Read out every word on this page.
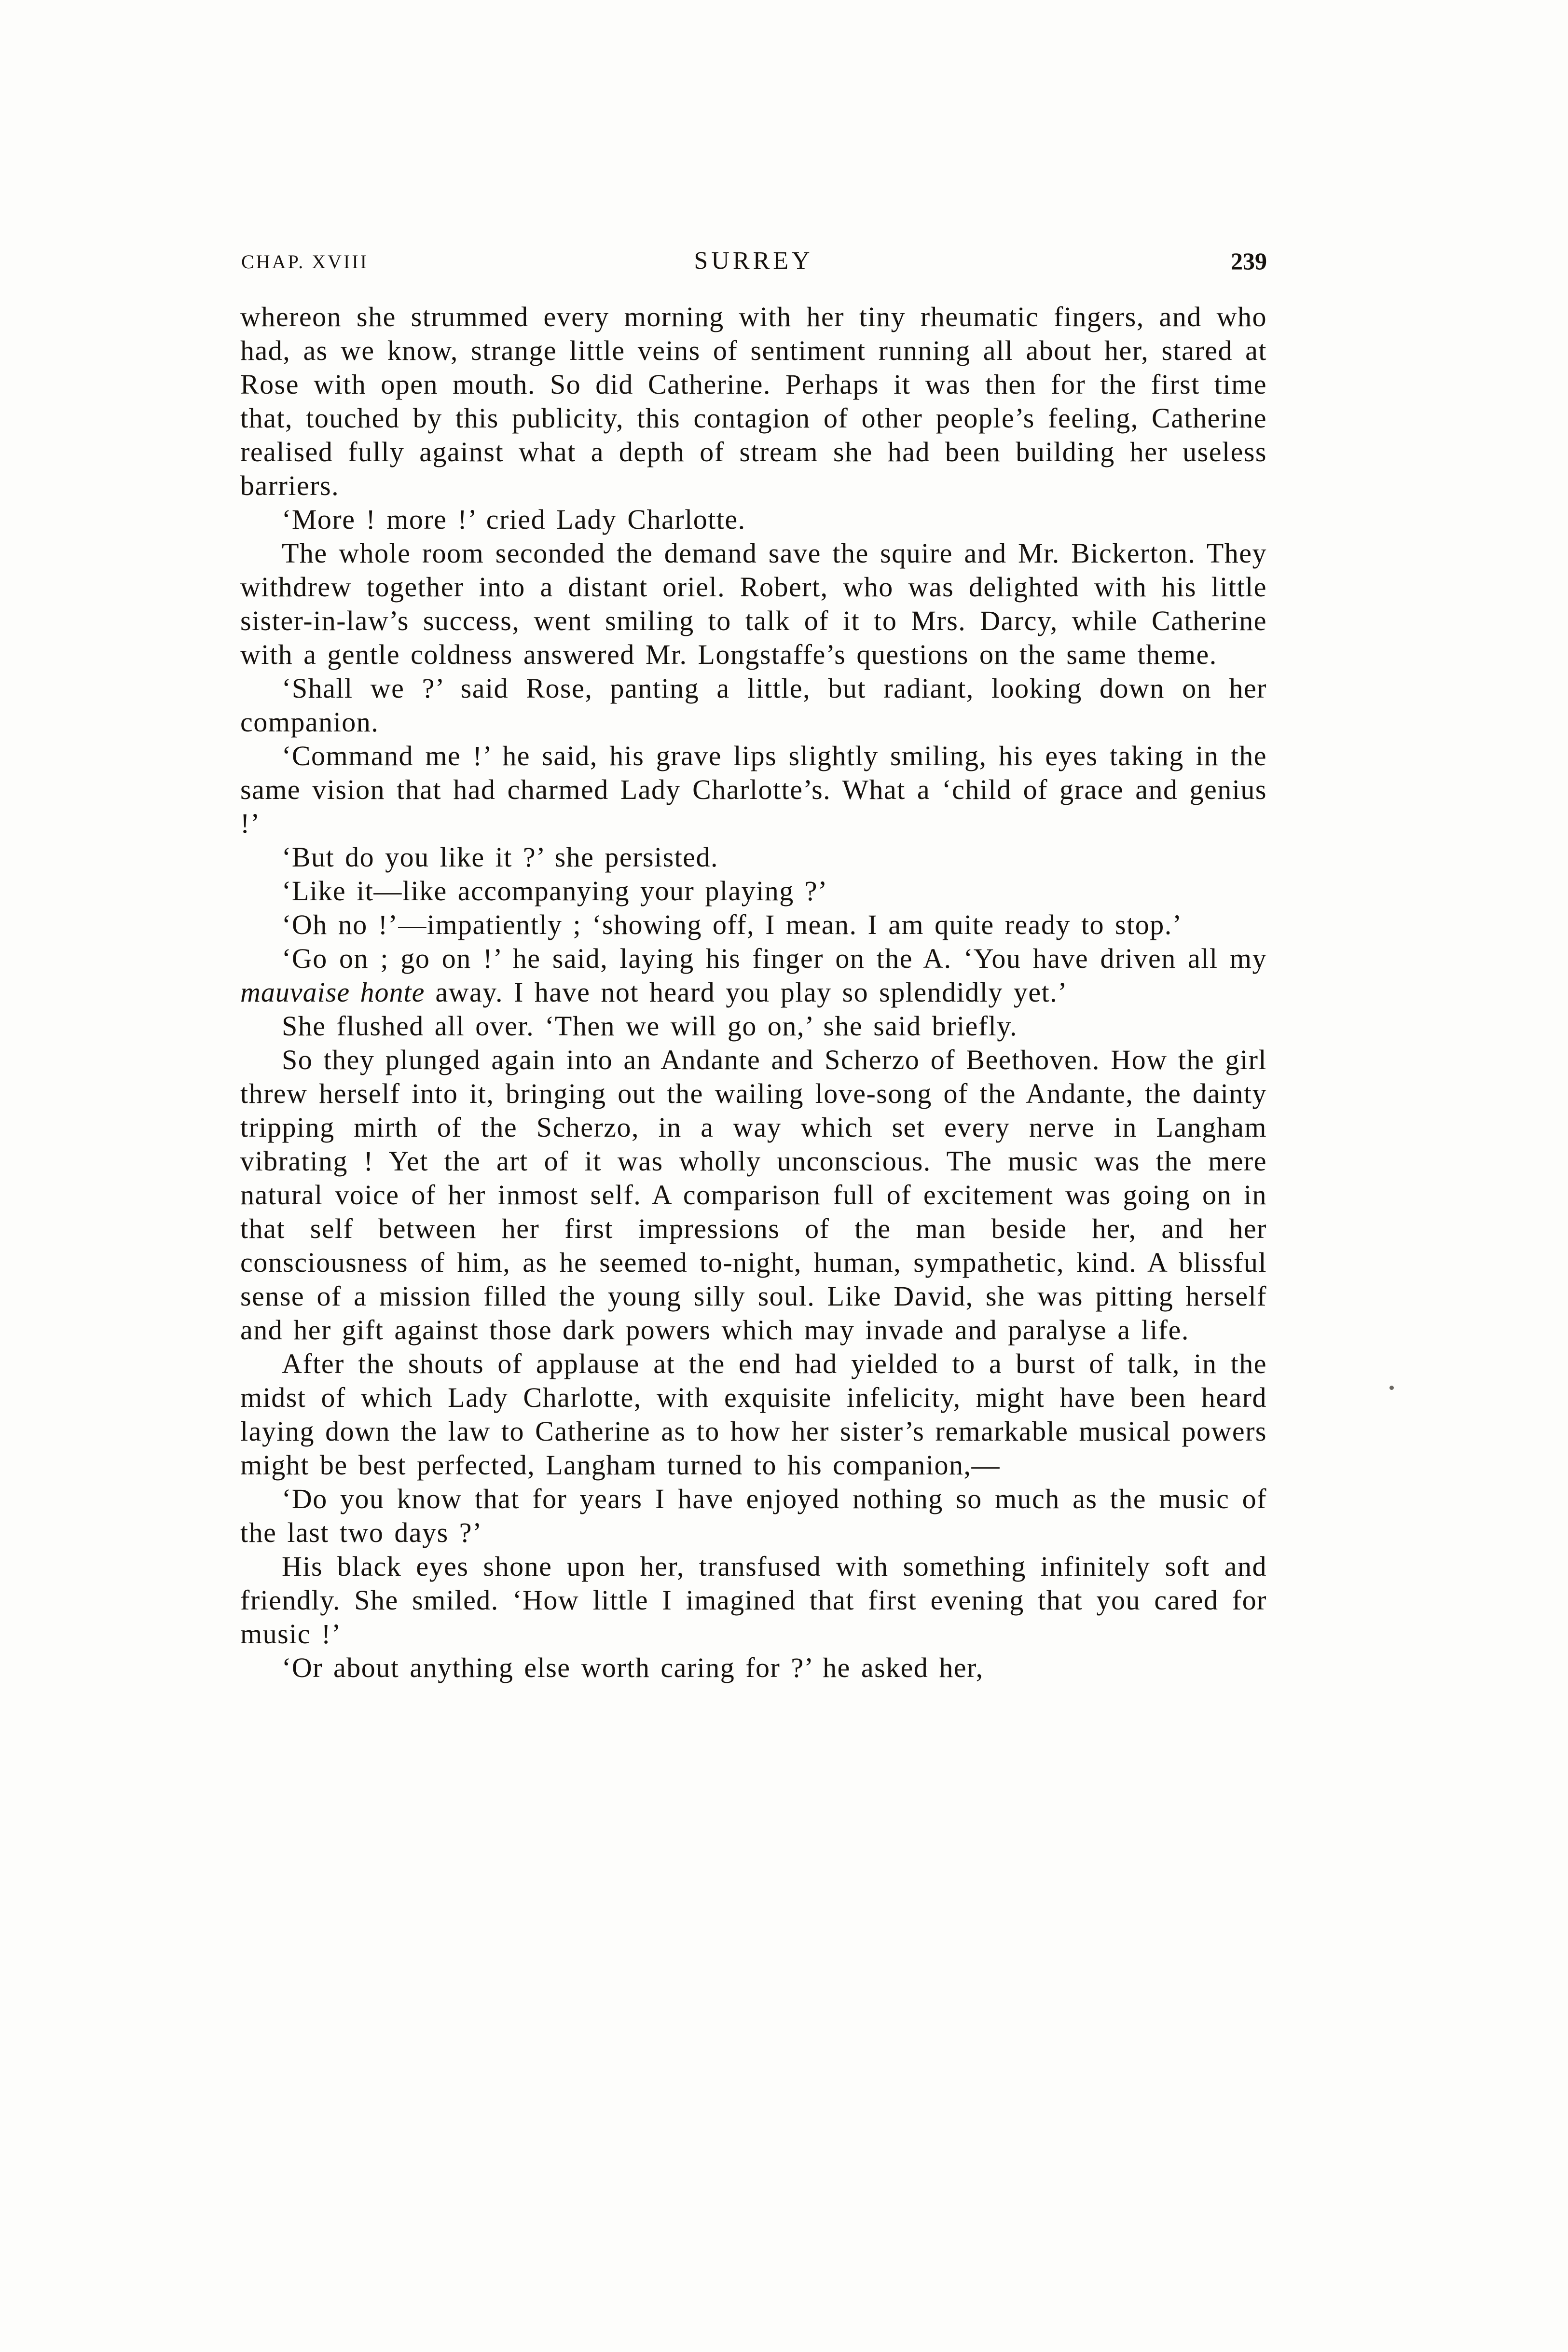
CHAP. XVIII	SURREY	239

whereon she strummed every morning with her tiny rheumatic fingers, and who had, as we know, strange little veins of sentiment running all about her, stared at Rose with open mouth. So did Catherine. Perhaps it was then for the first time that, touched by this publicity, this contagion of other people’s feeling, Catherine realised fully against what a depth of stream she had been building her useless barriers.

‘More ! more !’ cried Lady Charlotte.

The whole room seconded the demand save the squire and Mr. Bickerton. They withdrew together into a distant oriel. Robert, who was delighted with his little sister-in-law’s success, went smiling to talk of it to Mrs. Darcy, while Catherine with a gentle coldness answered Mr. Longstaffe’s questions on the same theme.

‘Shall we ?’ said Rose, panting a little, but radiant, looking down on her companion.

‘Command me !’ he said, his grave lips slightly smiling, his eyes taking in the same vision that had charmed Lady Charlotte’s. What a ‘child of grace and genius !’

‘But do you like it ?’ she persisted.

‘Like it—like accompanying your playing ?’

‘Oh no !’—impatiently ; ‘showing off, I mean. I am quite ready to stop.’

‘Go on ; go on !’ he said, laying his finger on the A. ‘You have driven all my mauvaise honte away. I have not heard you play so splendidly yet.’

She flushed all over. ‘Then we will go on,’ she said briefly.

So they plunged again into an Andante and Scherzo of Beethoven. How the girl threw herself into it, bringing out the wailing love-song of the Andante, the dainty tripping mirth of the Scherzo, in a way which set every nerve in Langham vibrating ! Yet the art of it was wholly unconscious. The music was the mere natural voice of her inmost self. A comparison full of excitement was going on in that self between her first impressions of the man beside her, and her consciousness of him, as he seemed to-night, human, sympathetic, kind. A blissful sense of a mission filled the young silly soul. Like David, she was pitting herself and her gift against those dark powers which may invade and paralyse a life.

After the shouts of applause at the end had yielded to a burst of talk, in the midst of which Lady Charlotte, with exquisite infelicity, might have been heard laying down the law to Catherine as to how her sister’s remarkable musical powers might be best perfected, Langham turned to his companion,—

‘Do you know that for years I have enjoyed nothing so much as the music of the last two days ?’

His black eyes shone upon her, transfused with something infinitely soft and friendly. She smiled. ‘How little I imagined that first evening that you cared for music !’

‘Or about anything else worth caring for ?’ he asked her,
